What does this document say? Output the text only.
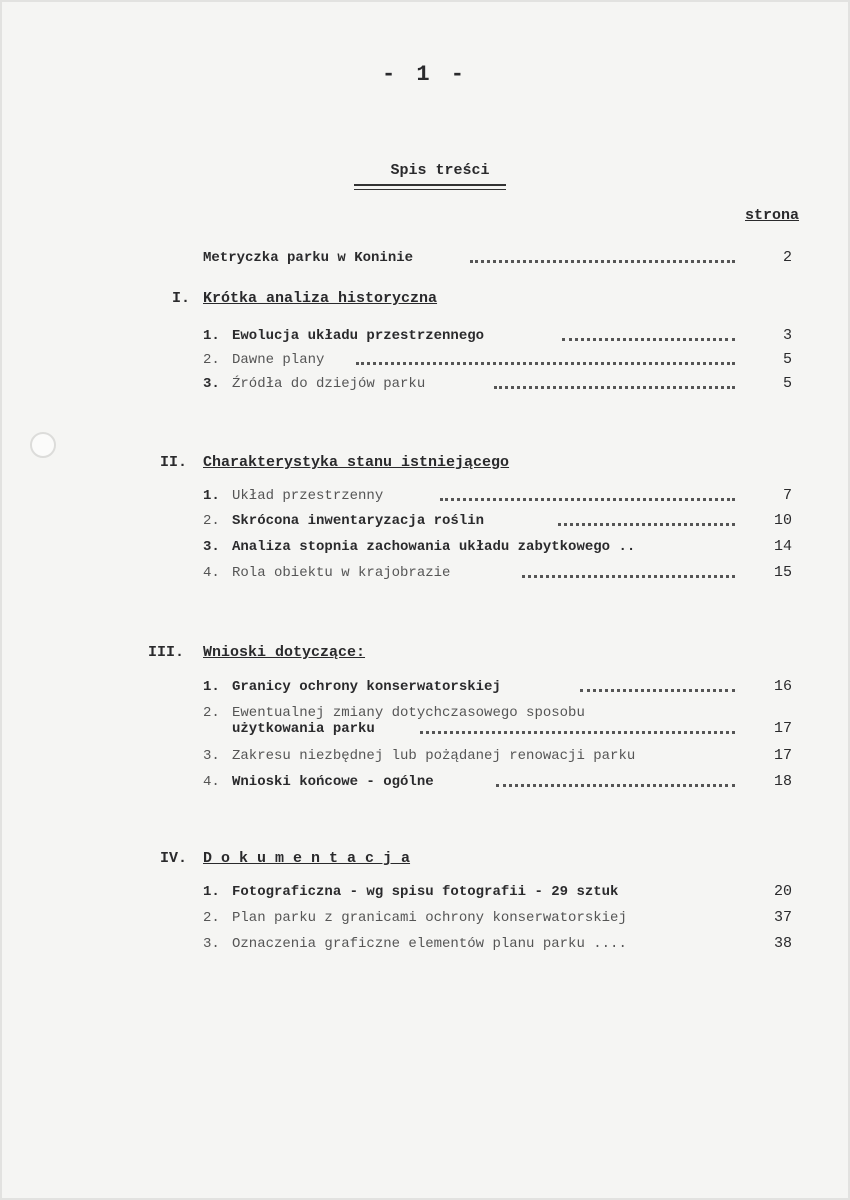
- 1 -
Spis treści
strona
Metryczka parku w Koninie	2
I. Krótka analiza historyczna
1. Ewolucja układu przestrzennego	3
2. Dawne plany	5
3. Źródła do dziejów parku	5
II. Charakterystyka stanu istniejącego
1. Układ przestrzenny	7
2. Skrócona inwentaryzacja roślin	10
3. Analiza stopnia zachowania układu zabytkowego ..	14
4. Rola obiektu w krajobrazie	15
III. Wnioski dotyczące:
1. Granicy ochrony konserwatorskiej	16
2. Ewentualnej zmiany dotychczasowego sposobu
użytkowania parku	17
3. Zakresu niezbędnej lub pożądanej renowacji parku	17
4. Wnioski końcowe - ogólne	18
IV. D o k u m e n t a c j a
1. Fotograficzna - wg spisu fotografii - 29 sztuk	20
2. Plan parku z granicami ochrony konserwatorskiej	37
3. Oznaczenia graficzne elementów planu parku ....	38
